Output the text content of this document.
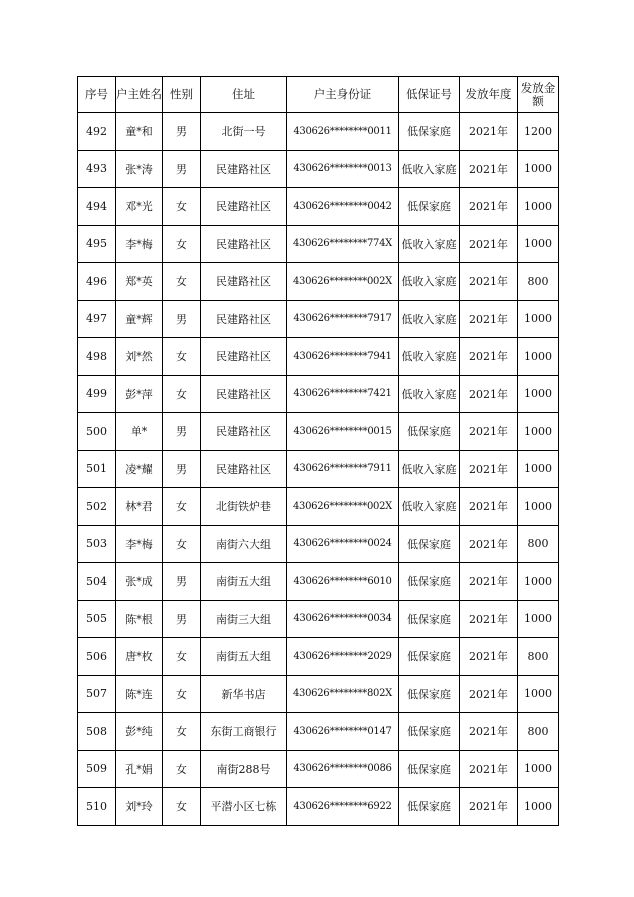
序号	户主姓名	性别	住址	户主身份证	低保证号	发放年度	发放金额
492	童*和	男	北街一号	430626********0011	低保家庭	2021年	1200
493	张*涛	男	民建路社区	430626********0013	低收入家庭	2021年	1000
494	邓*光	女	民建路社区	430626********0042	低保家庭	2021年	1000
495	李*梅	女	民建路社区	430626********774X	低收入家庭	2021年	1000
496	郑*英	女	民建路社区	430626********002X	低收入家庭	2021年	800
497	童*辉	男	民建路社区	430626********7917	低收入家庭	2021年	1000
498	刘*然	女	民建路社区	430626********7941	低收入家庭	2021年	1000
499	彭*萍	女	民建路社区	430626********7421	低收入家庭	2021年	1000
500	单*	男	民建路社区	430626********0015	低保家庭	2021年	1000
501	凌*耀	男	民建路社区	430626********7911	低收入家庭	2021年	1000
502	林*君	女	北街铁炉巷	430626********002X	低收入家庭	2021年	1000
503	李*梅	女	南街六大组	430626********0024	低保家庭	2021年	800
504	张*成	男	南街五大组	430626********6010	低保家庭	2021年	1000
505	陈*根	男	南街三大组	430626********0034	低保家庭	2021年	1000
506	唐*枚	女	南街五大组	430626********2029	低保家庭	2021年	800
507	陈*连	女	新华书店	430626********802X	低保家庭	2021年	1000
508	彭*纯	女	东街工商银行	430626********0147	低保家庭	2021年	800
509	孔*娟	女	南街288号	430626********0086	低保家庭	2021年	1000
510	刘*玲	女	平潜小区七栋	430626********6922	低保家庭	2021年	1000
